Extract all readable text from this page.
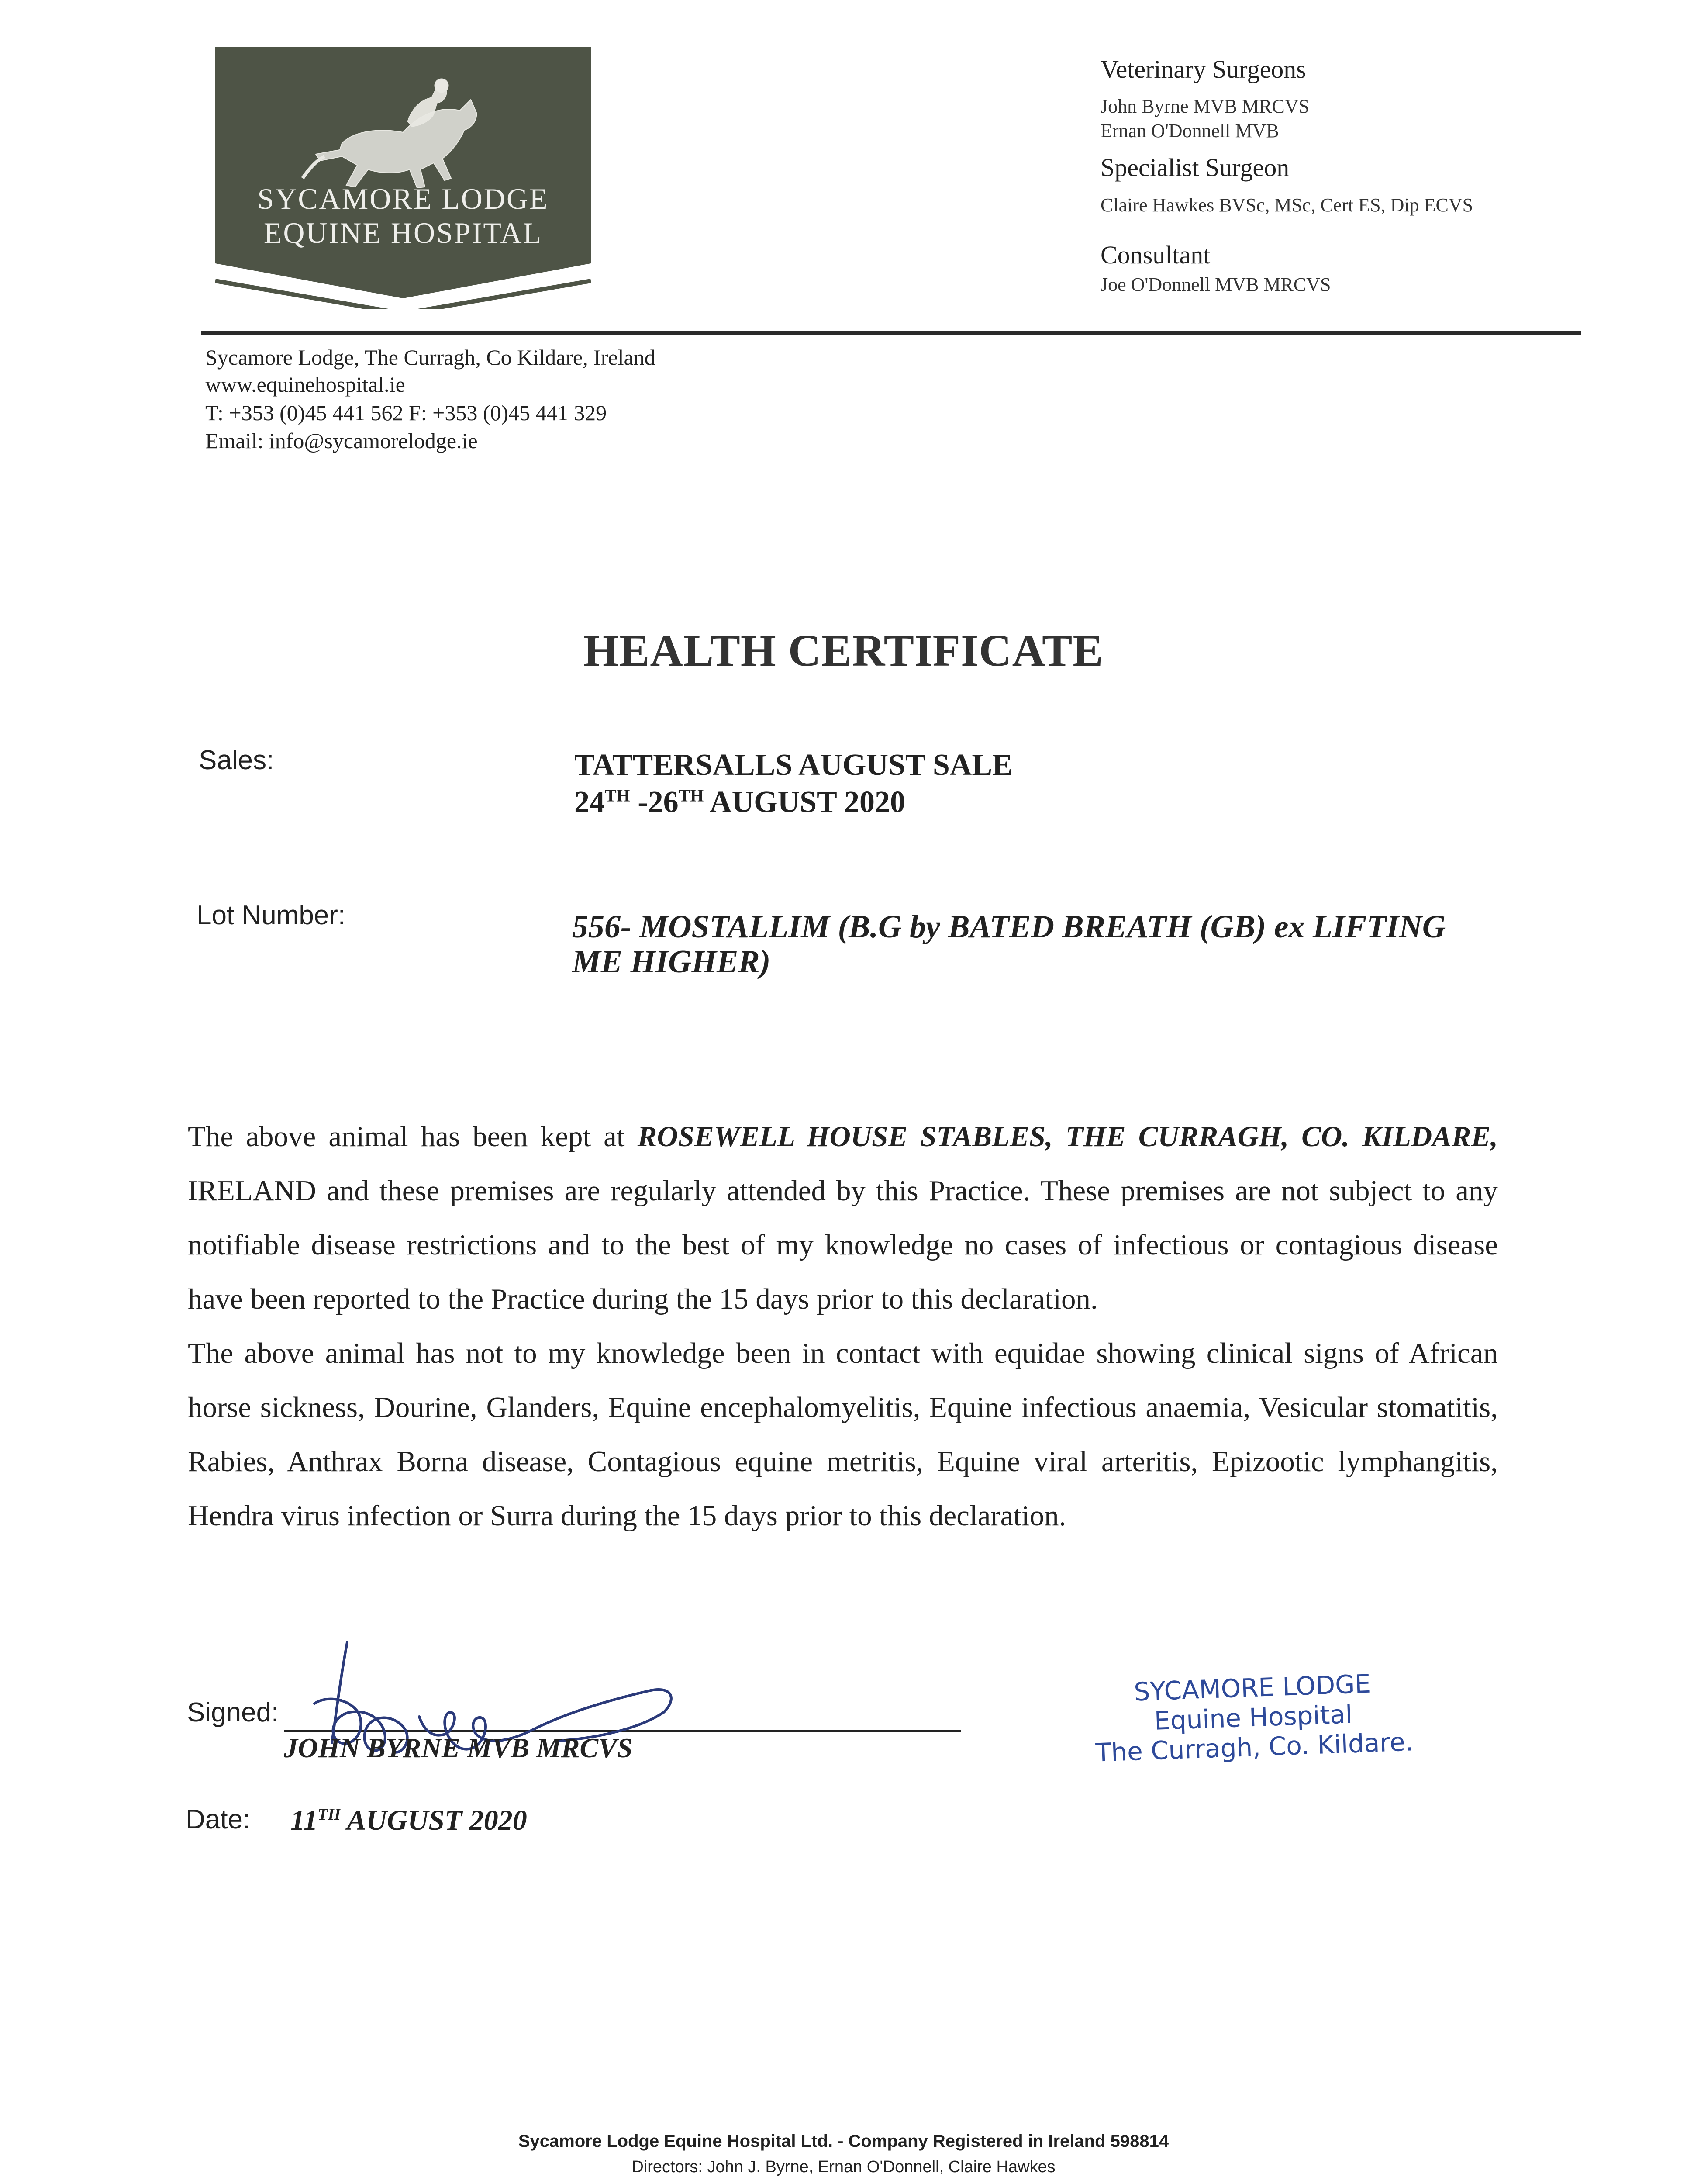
SYCAMORE LODGE
EQUINE HOSPITAL
Veterinary Surgeons
John Byrne MVB MRCVS
Ernan O'Donnell MVB
Specialist Surgeon
Claire Hawkes BVSc, MSc, Cert ES, Dip ECVS
Consultant
Joe O'Donnell MVB MRCVS
Sycamore Lodge, The Curragh, Co Kildare, Ireland
www.equinehospital.ie
T: +353 (0)45 441 562 F: +353 (0)45 441 329
Email: info@sycamorelodge.ie
HEALTH CERTIFICATE
Sales:	TATTERSALLS AUGUST SALE
24TH -26TH AUGUST 2020
Lot Number:	556- MOSTALLIM (B.G by BATED BREATH (GB) ex LIFTING
ME HIGHER)
The above animal has been kept at ROSEWELL HOUSE STABLES, THE CURRAGH, CO. KILDARE, IRELAND and these premises are regularly attended by this Practice. These premises are not subject to any notifiable disease restrictions and to the best of my knowledge no cases of infectious or contagious disease have been reported to the Practice during the 15 days prior to this declaration.
The above animal has not to my knowledge been in contact with equidae showing clinical signs of African horse sickness, Dourine, Glanders, Equine encephalomyelitis, Equine infectious anaemia, Vesicular stomatitis, Rabies, Anthrax Borna disease, Contagious equine metritis, Equine viral arteritis, Epizootic lymphangitis, Hendra virus infection or Surra during the 15 days prior to this declaration.
Signed:
JOHN BYRNE MVB MRCVS
Date: 11TH AUGUST 2020
SYCAMORE LODGE
Equine Hospital
The Curragh, Co. Kildare.
Sycamore Lodge Equine Hospital Ltd. - Company Registered in Ireland 598814
Directors: John J. Byrne, Ernan O'Donnell, Claire Hawkes
